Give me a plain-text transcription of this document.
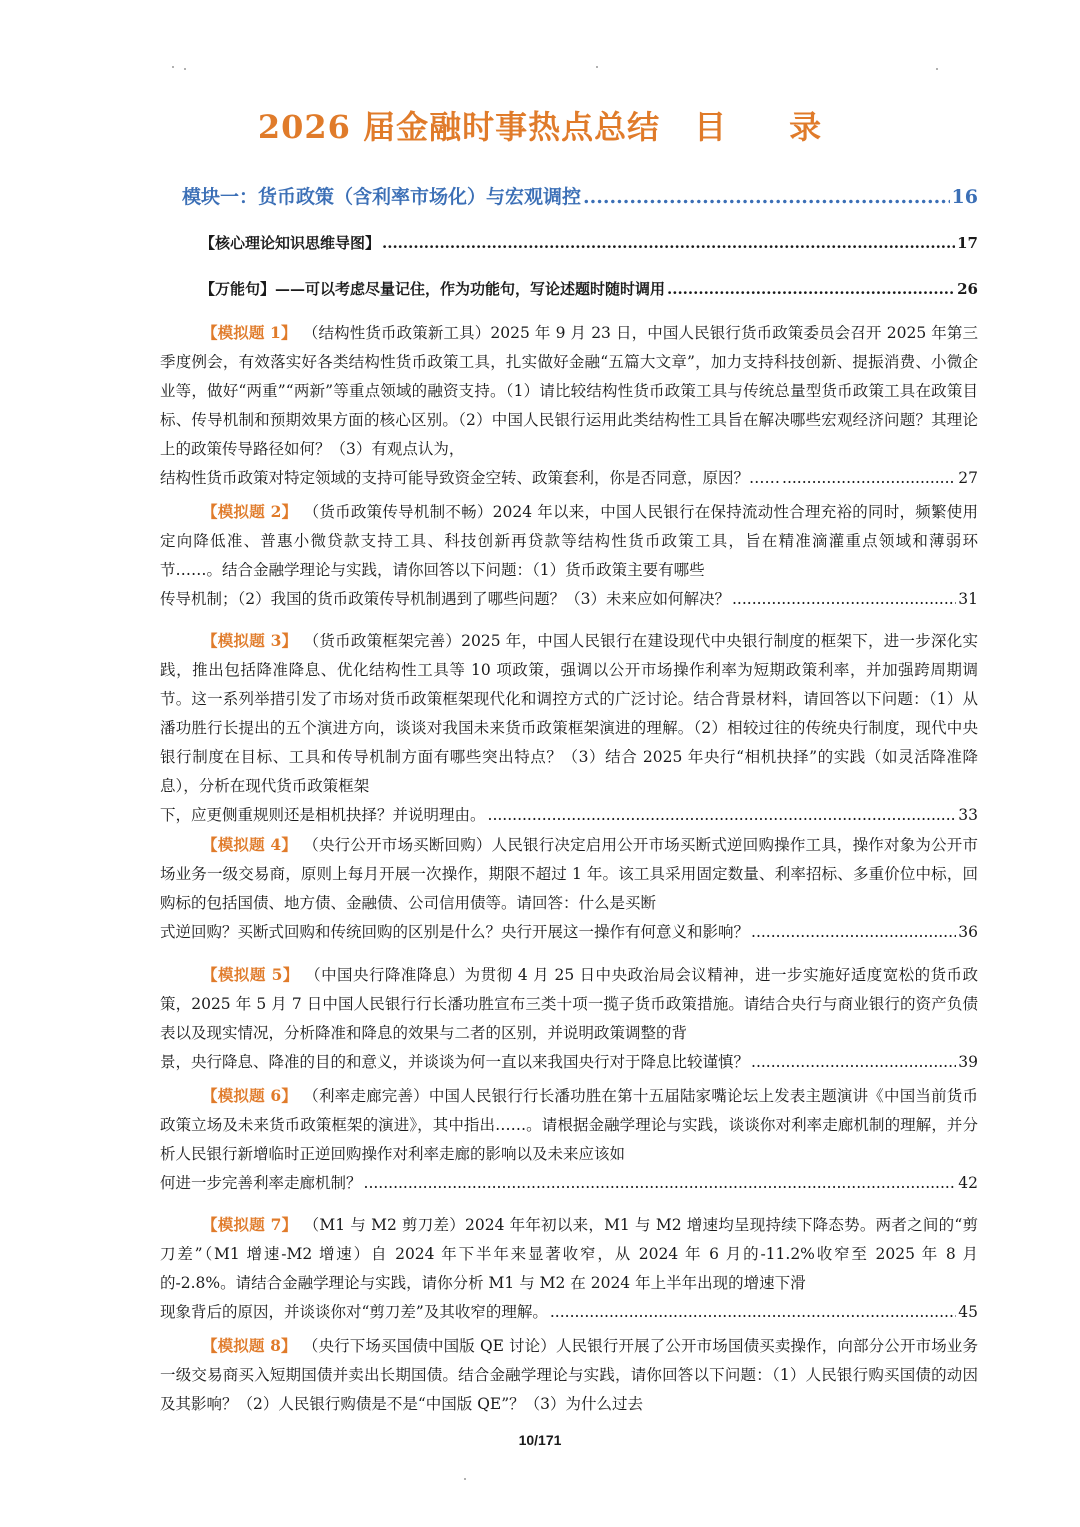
2026 届金融时事热点总结 目 录
模块一：货币政策（含利率市场化）与宏观调控 .....	16
【核心理论知识思维导图】 .....	17
【万能句】——可以考虑尽量记住，作为功能句，写论述题时随时调用 .....	26
【模拟题 1】 （结构性货币政策新工具）2025 年 9 月 23 日，中国人民银行货币政策委员会召开 2025 年第三季度例会，有效落实好各类结构性货币政策工具，扎实做好金融“五篇大文章”，加力支持科技创新、提振消费、小微企业等，做好“两重”“两新”等重点领域的融资支持。（1）请比较结构性货币政策工具与传统总量型货币政策工具在政策目标、传导机制和预期效果方面的核心区别。（2）中国人民银行运用此类结构性工具旨在解决哪些宏观经济问题？其理论上的政策传导路径如何？（3）有观点认为，
结构性货币政策对特定领域的支持可能导致资金空转、政策套利，你是否同意，原因？…… .....	27
【模拟题 2】 （货币政策传导机制不畅）2024 年以来，中国人民银行在保持流动性合理充裕的同时，频繁使用定向降低准、普惠小微贷款支持工具、科技创新再贷款等结构性货币政策工具，旨在精准滴灌重点领域和薄弱环节……。结合金融学理论与实践，请你回答以下问题：（1）货币政策主要有哪些
传导机制；（2）我国的货币政策传导机制遇到了哪些问题？（3）未来应如何解决？ .....	31
【模拟题 3】 （货币政策框架完善）2025 年，中国人民银行在建设现代中央银行制度的框架下，进一步深化实践，推出包括降准降息、优化结构性工具等 10 项政策，强调以公开市场操作利率为短期政策利率，并加强跨周期调节。这一系列举措引发了市场对货币政策框架现代化和调控方式的广泛讨论。结合背景材料，请回答以下问题：（1）从潘功胜行长提出的五个演进方向，谈谈对我国未来货币政策框架演进的理解。（2）相较过往的传统央行制度，现代中央银行制度在目标、工具和传导机制方面有哪些突出特点？（3）结合 2025 年央行“相机抉择”的实践（如灵活降准降息），分析在现代货币政策框架
下，应更侧重规则还是相机抉择？并说明理由。 .....	33
【模拟题 4】 （央行公开市场买断回购）人民银行决定启用公开市场买断式逆回购操作工具，操作对象为公开市场业务一级交易商，原则上每月开展一次操作，期限不超过 1 年。该工具采用固定数量、利率招标、多重价位中标，回购标的包括国债、地方债、金融债、公司信用债等。请回答：什么是买断
式逆回购？买断式回购和传统回购的区别是什么？央行开展这一操作有何意义和影响？ .....	36
【模拟题 5】 （中国央行降准降息）为贯彻 4 月 25 日中央政治局会议精神，进一步实施好适度宽松的货币政策，2025 年 5 月 7 日中国人民银行行长潘功胜宣布三类十项一揽子货币政策措施。请结合央行与商业银行的资产负债表以及现实情况，分析降准和降息的效果与二者的区别，并说明政策调整的背
景，央行降息、降准的目的和意义，并谈谈为何一直以来我国央行对于降息比较谨慎？ .....	39
【模拟题 6】 （利率走廊完善）中国人民银行行长潘功胜在第十五届陆家嘴论坛上发表主题演讲《中国当前货币政策立场及未来货币政策框架的演进》，其中指出……。请根据金融学理论与实践，谈谈你对利率走廊机制的理解，并分析人民银行新增临时正逆回购操作对利率走廊的影响以及未来应该如
何进一步完善利率走廊机制？ .....	42
【模拟题 7】 （M1 与 M2 剪刀差）2024 年年初以来，M1 与 M2 增速均呈现持续下降态势。两者之间的“剪刀差”（M1 增速-M2 增速）自 2024 年下半年来显著收窄，从 2024 年 6 月的-11.2%收窄至 2025 年 8 月的-2.8%。请结合金融学理论与实践，请你分析 M1 与 M2 在 2024 年上半年出现的增速下滑
现象背后的原因，并谈谈你对“剪刀差”及其收窄的理解。 .....	45
【模拟题 8】 （央行下场买国债中国版 QE 讨论）人民银行开展了公开市场国债买卖操作，向部分公开市场业务一级交易商买入短期国债并卖出长期国债。结合金融学理论与实践，请你回答以下问题：（1）人民银行购买国债的动因及其影响？（2）人民银行购债是不是“中国版 QE”？（3）为什么过去
10/171
